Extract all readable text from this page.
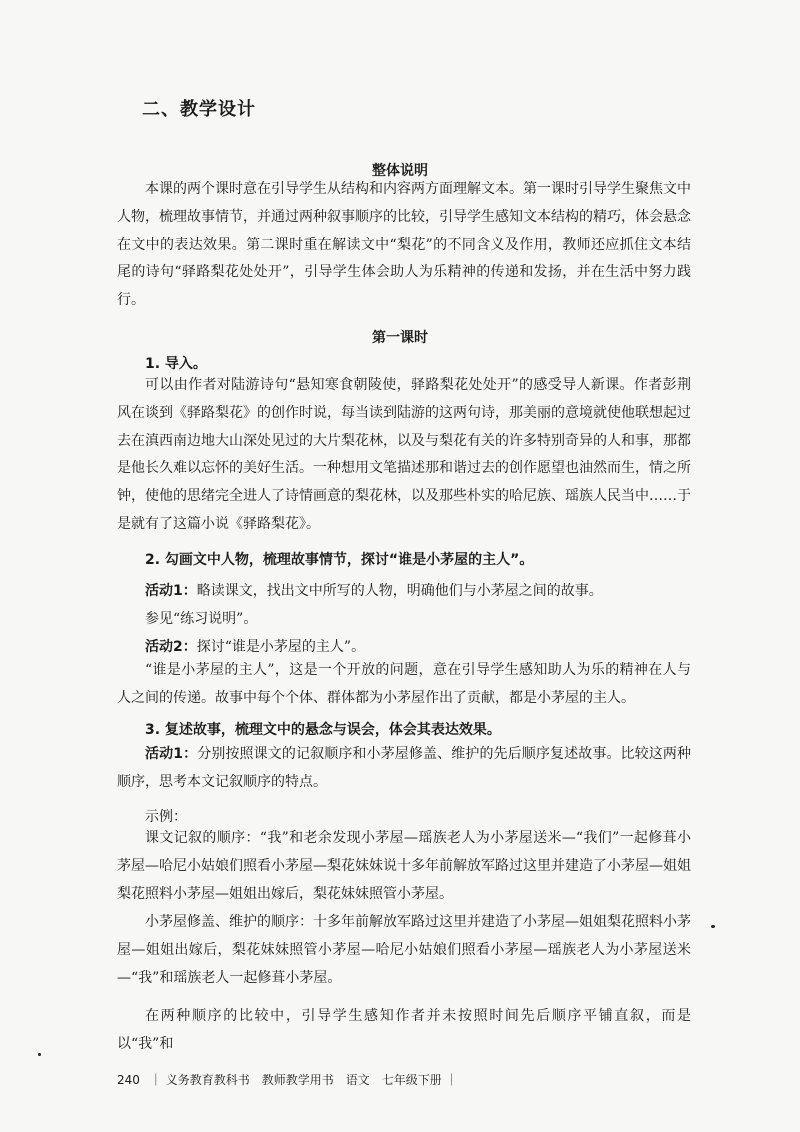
二、教学设计
整体说明

本课的两个课时意在引导学生从结构和内容两方面理解文本。第一课时引导学生聚焦文中人物，梳理故事情节，并通过两种叙事顺序的比较，引导学生感知文本结构的精巧，体会悬念在文中的表达效果。第二课时重在解读文中“梨花”的不同含义及作用，教师还应抓住文本结尾的诗句“驿路梨花处处开”，引导学生体会助人为乐精神的传递和发扬，并在生活中努力践行。

第一课时
1. 导入。

可以由作者对陆游诗句“悬知寒食朝陵使，驿路梨花处处开”的感受导人新课。作者彭荆风在谈到《驿路梨花》的创作时说，每当读到陆游的这两句诗，那美丽的意境就使他联想起过去在滇西南边地大山深处见过的大片梨花林，以及与梨花有关的许多特别奇异的人和事，那都是他长久难以忘怀的美好生活。一种想用文笔描述那和谐过去的创作愿望也油然而生，情之所钟，使他的思绪完全进人了诗情画意的梨花林，以及那些朴实的哈尼族、瑶族人民当中……于是就有了这篇小说《驿路梨花》。

2. 勾画文中人物，梳理故事情节，探讨“谁是小茅屋的主人”。
活动1：略读课文，找出文中所写的人物，明确他们与小茅屋之间的故事。
参见“练习说明”。
活动2：探讨“谁是小茅屋的主人”。

“谁是小茅屋的主人”，这是一个开放的问题，意在引导学生感知助人为乐的精神在人与人之间的传递。故事中每个个体、群体都为小茅屋作出了贡献，都是小茅屋的主人。

3. 复述故事，梳理文中的悬念与误会，体会其表达效果。

活动1：分别按照课文的记叙顺序和小茅屋修盖、维护的先后顺序复述故事。比较这两种顺序，思考本文记叙顺序的特点。

示例：

课文记叙的顺序：“我”和老余发现小茅屋—瑶族老人为小茅屋送米—“我们”一起修葺小茅屋—哈尼小姑娘们照看小茅屋—梨花妹妹说十多年前解放军路过这里并建造了小茅屋—姐姐梨花照料小茅屋—姐姐出嫁后，梨花妹妹照管小茅屋。

小茅屋修盖、维护的顺序：十多年前解放军路过这里并建造了小茅屋—姐姐梨花照料小茅屋—姐姐出嫁后，梨花妹妹照管小茅屋—哈尼小姑娘们照看小茅屋—瑶族老人为小茅屋送米—“我”和瑶族老人一起修葺小茅屋。

在两种顺序的比较中，引导学生感知作者并未按照时间先后顺序平铺直叙，而是以“我”和

240 ｜ 义务教育教科书　教师教学用书　语文　七年级下册 ｜
